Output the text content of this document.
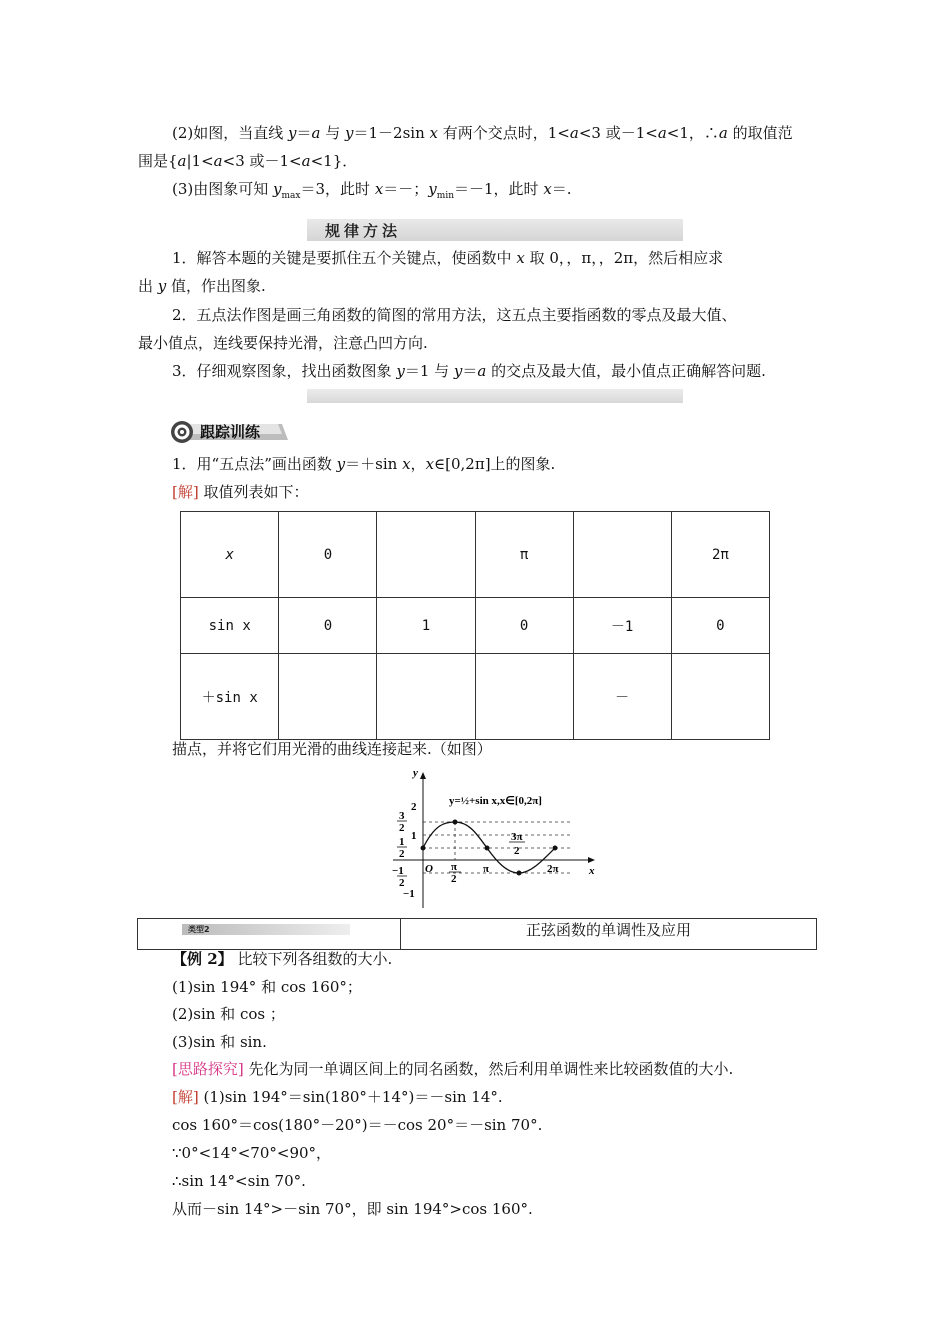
(2)如图，当直线 y＝a 与 y＝1－2sin x 有两个交点时，1<a<3 或－1<a<1，∴a 的取值范
围是{a|1<a<3 或－1<a<1}．
(3)由图象可知 $y_{max}=3$，此时 x＝－；$y_{min}=-1$，此时 x＝.
规律方法
1．解答本题的关键是要抓住五个关键点，使函数中 x 取 0，，π，，2π，然后相应求
出 y 值，作出图象.
2．五点法作图是画三角函数的简图的常用方法，这五点主要指函数的零点及最大值、
最小值点，连线要保持光滑，注意凸凹方向.
3．仔细观察图象，找出函数图象 y＝1 与 y＝a 的交点及最大值，最小值点正确解答问题.
跟踪训练
1．用“五点法”画出函数 y＝＋sin x，x∈[0,2π]上的图象.
[解] 取值列表如下：
x	0		π		2π
sin x	0	1	0	－1	0
＋sin x				－	
描点，并将它们用光滑的曲线连接起来.（如图）
y
x
O
y=½+sin x,x∈[0,2π]
2
3
2
1
1
2
−1
2
−1
π
2
π
3π
2
2π
类型2	正弦函数的单调性及应用
【例 2】 比较下列各组数的大小.
(1)sin 194° 和 cos 160°；
(2)sin 和 cos ；
(3)sin 和 sin.
[思路探究] 先化为同一单调区间上的同名函数，然后利用单调性来比较函数值的大小.
[解] (1)sin 194°＝sin(180°＋14°)＝－sin 14°.
cos 160°＝cos(180°－20°)＝－cos 20°＝－sin 70°.
∵0°<14°<70°<90°，
∴sin 14°<sin 70°.
从而－sin 14°>－sin 70°，即 sin 194°>cos 160°.
